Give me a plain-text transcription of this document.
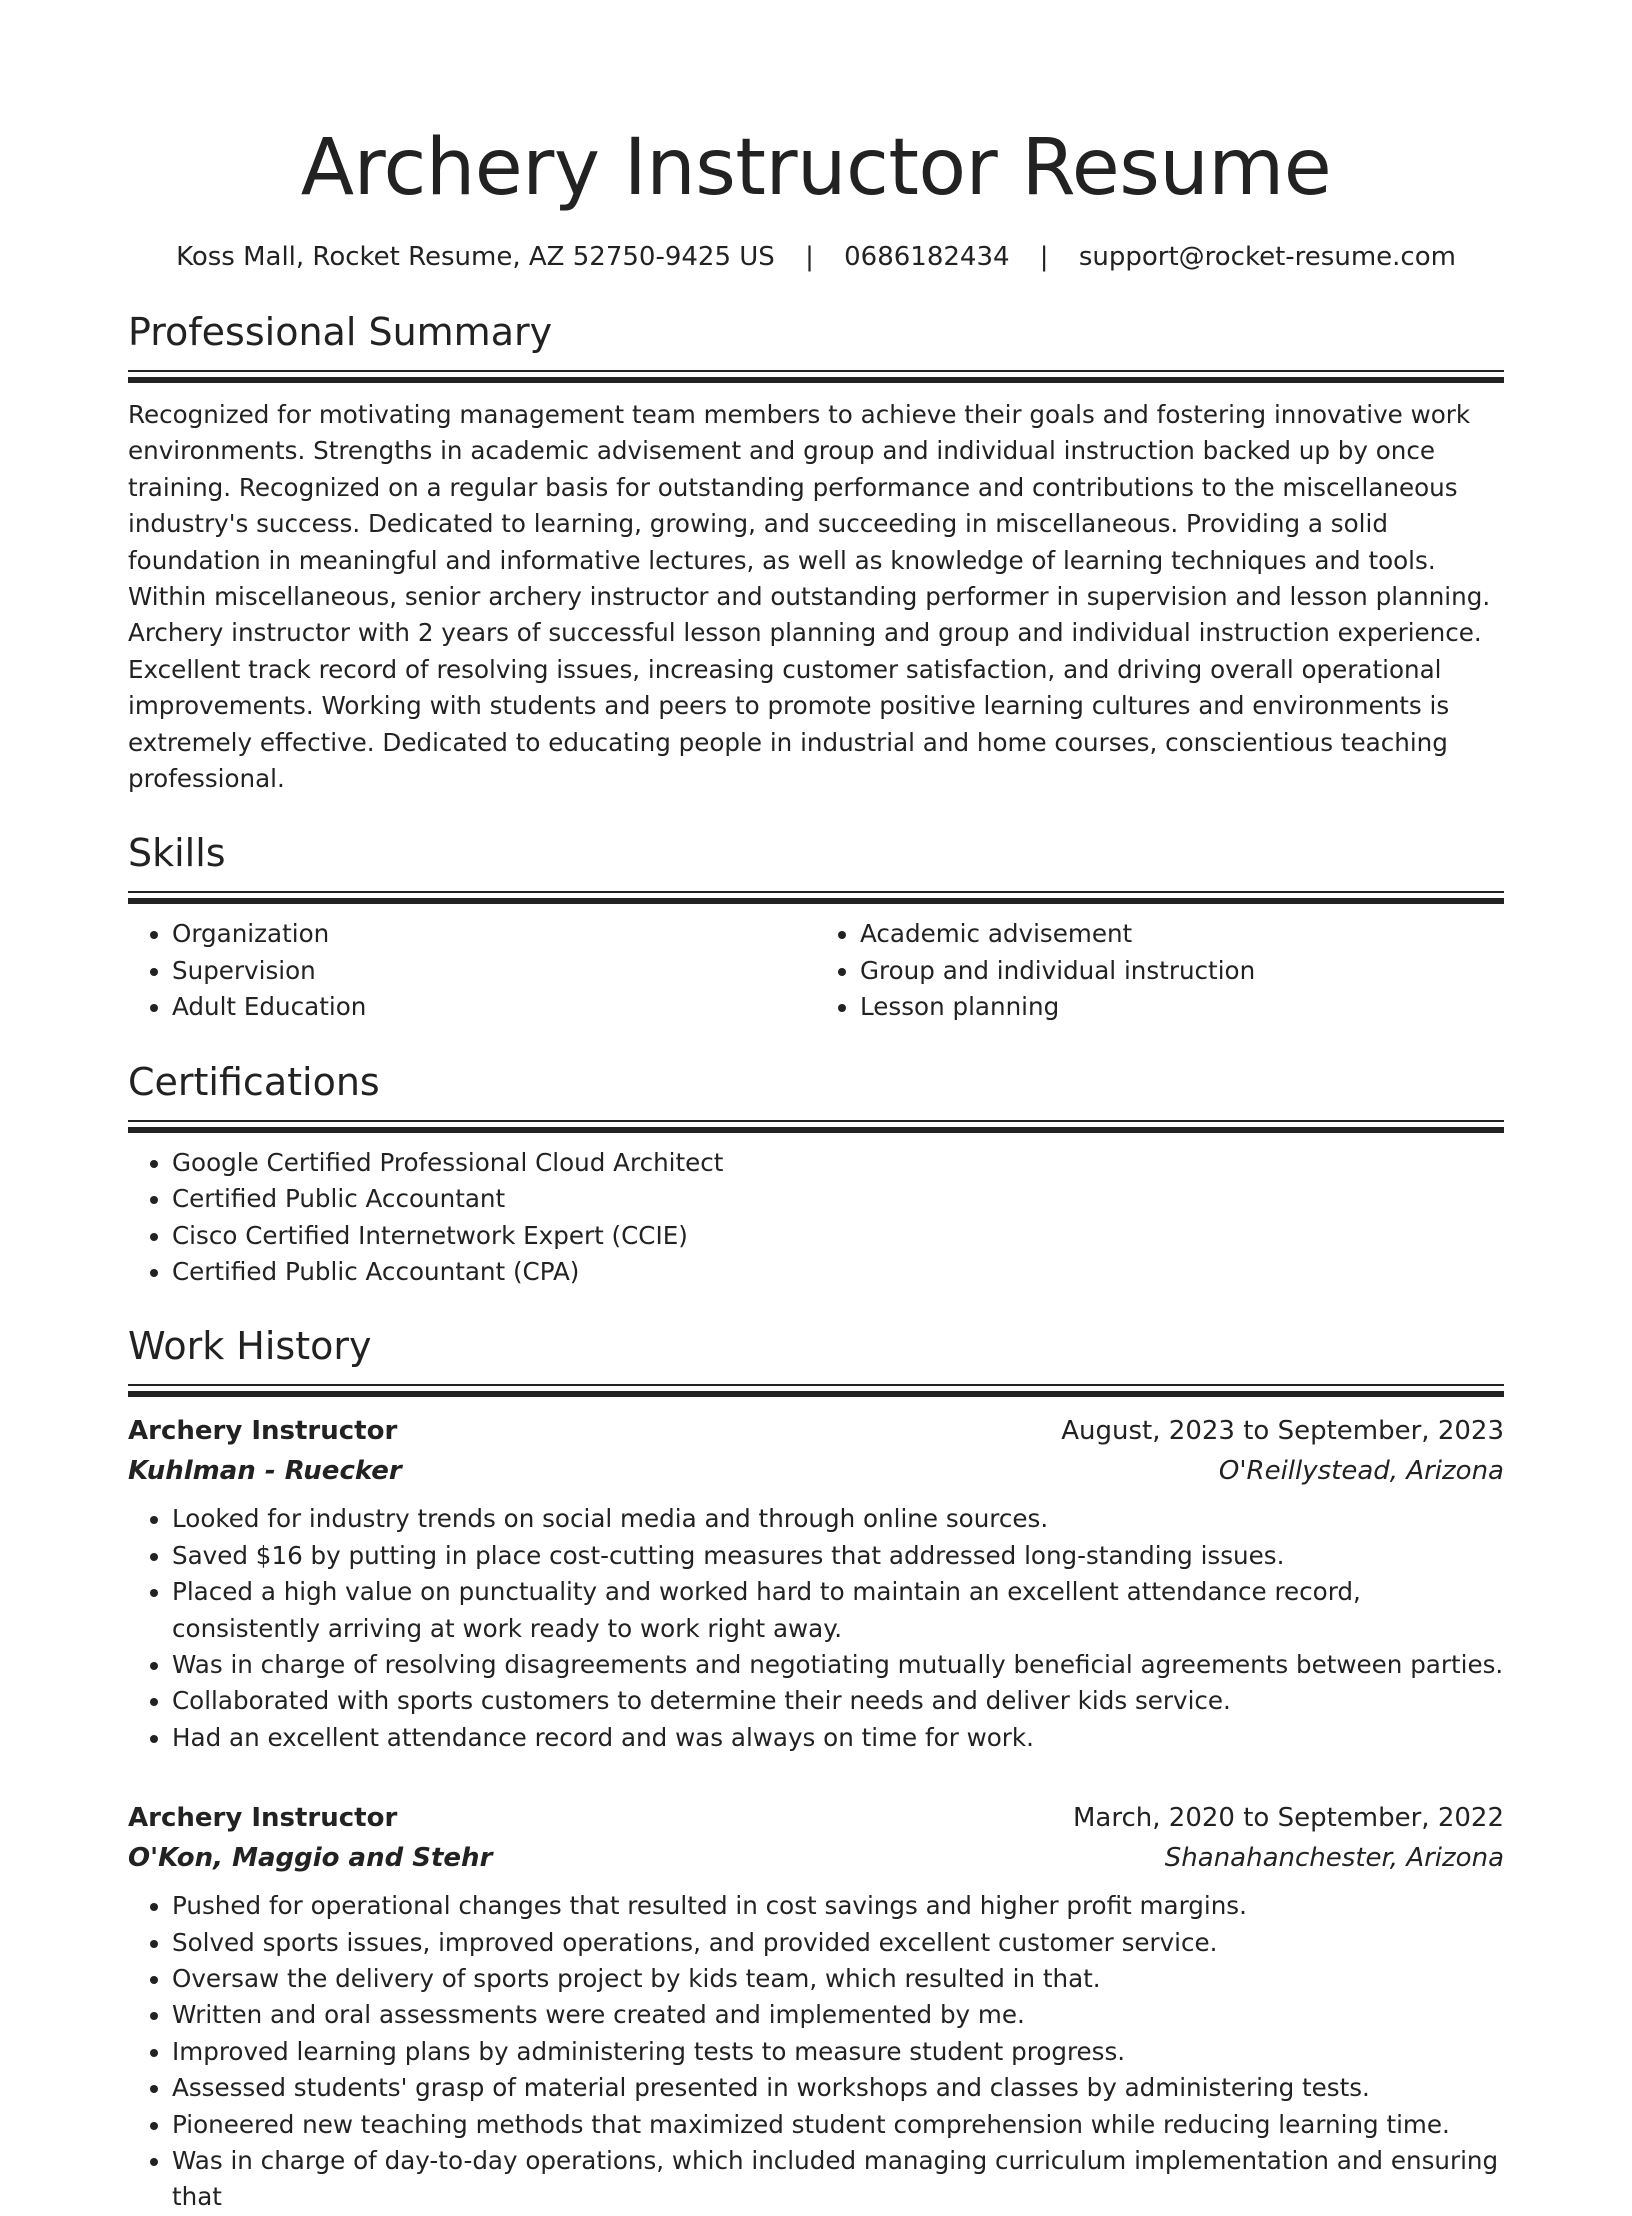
Archery Instructor Resume
Koss Mall, Rocket Resume, AZ 52750-9425 US | 0686182434 | support@rocket-resume.com
Professional Summary
Recognized for motivating management team members to achieve their goals and fostering innovative work environments. Strengths in academic advisement and group and individual instruction backed up by once training. Recognized on a regular basis for outstanding performance and contributions to the miscellaneous industry's success. Dedicated to learning, growing, and succeeding in miscellaneous. Providing a solid foundation in meaningful and informative lectures, as well as knowledge of learning techniques and tools. Within miscellaneous, senior archery instructor and outstanding performer in supervision and lesson planning. Archery instructor with 2 years of successful lesson planning and group and individual instruction experience. Excellent track record of resolving issues, increasing customer satisfaction, and driving overall operational improvements. Working with students and peers to promote positive learning cultures and environments is extremely effective. Dedicated to educating people in industrial and home courses, conscientious teaching professional.
Skills
• Organization
• Supervision
• Adult Education
• Academic advisement
• Group and individual instruction
• Lesson planning
Certifications
• Google Certified Professional Cloud Architect
• Certified Public Accountant
• Cisco Certified Internetwork Expert (CCIE)
• Certified Public Accountant (CPA)
Work History
Archery Instructor	August, 2023 to September, 2023
Kuhlman - Ruecker	O'Reillystead, Arizona
• Looked for industry trends on social media and through online sources.
• Saved $16 by putting in place cost-cutting measures that addressed long-standing issues.
• Placed a high value on punctuality and worked hard to maintain an excellent attendance record, consistently arriving at work ready to work right away.
• Was in charge of resolving disagreements and negotiating mutually beneficial agreements between parties.
• Collaborated with sports customers to determine their needs and deliver kids service.
• Had an excellent attendance record and was always on time for work.
Archery Instructor	March, 2020 to September, 2022
O'Kon, Maggio and Stehr	Shanahanchester, Arizona
• Pushed for operational changes that resulted in cost savings and higher profit margins.
• Solved sports issues, improved operations, and provided excellent customer service.
• Oversaw the delivery of sports project by kids team, which resulted in that.
• Written and oral assessments were created and implemented by me.
• Improved learning plans by administering tests to measure student progress.
• Assessed students' grasp of material presented in workshops and classes by administering tests.
• Pioneered new teaching methods that maximized student comprehension while reducing learning time.
• Was in charge of day-to-day operations, which included managing curriculum implementation and ensuring that
